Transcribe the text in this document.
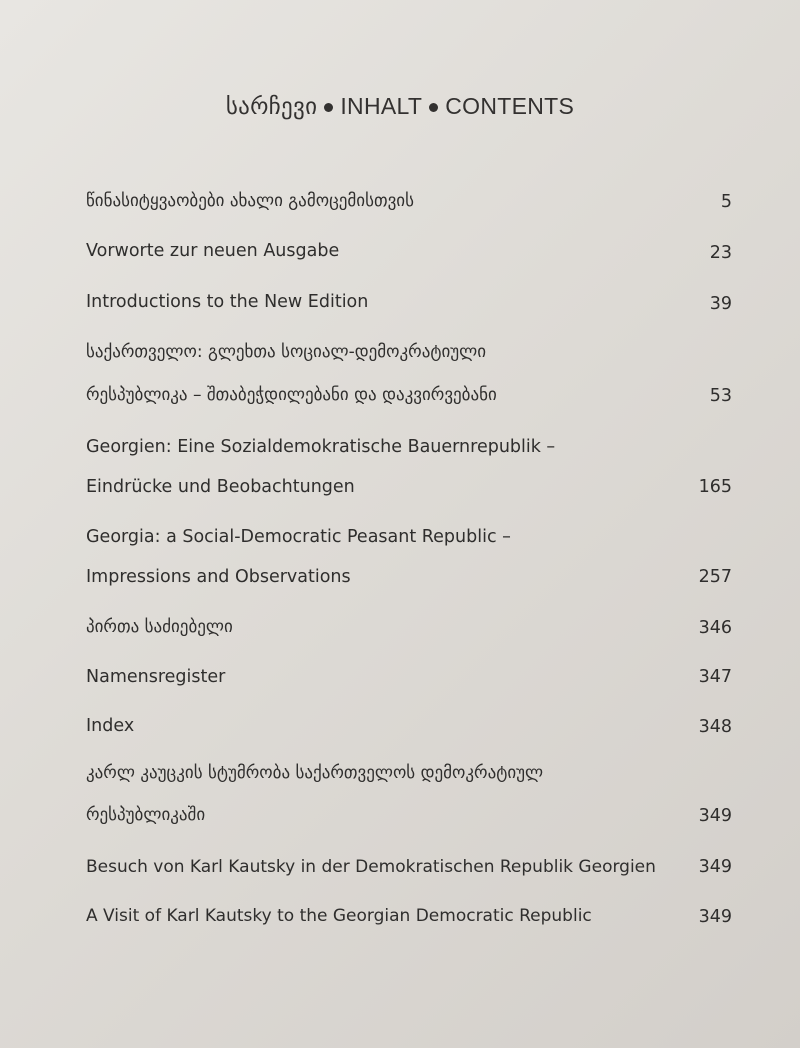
სარჩევი INHALT CONTENTS
წინასიტყვაობები ახალი გამოცემისთვის	5
Vorworte zur neuen Ausgabe	23
Introductions to the New Edition	39
საქართველო: გლეხთა სოციალ-დემოკრატიული
რესპუბლიკა – შთაბეჭდილებანი და დაკვირვებანი	53
Georgien: Eine Sozialdemokratische Bauernrepublik –
Eindrücke und Beobachtungen	165
Georgia: a Social-Democratic Peasant Republic –
Impressions and Observations	257
პირთა საძიებელი	346
Namensregister	347
Index	348
კარლ კაუცკის სტუმრობა საქართველოს დემოკრატიულ
რესპუბლიკაში	349
Besuch von Karl Kautsky in der Demokratischen Republik Georgien 349
A Visit of Karl Kautsky to the Georgian Democratic Republic	349
